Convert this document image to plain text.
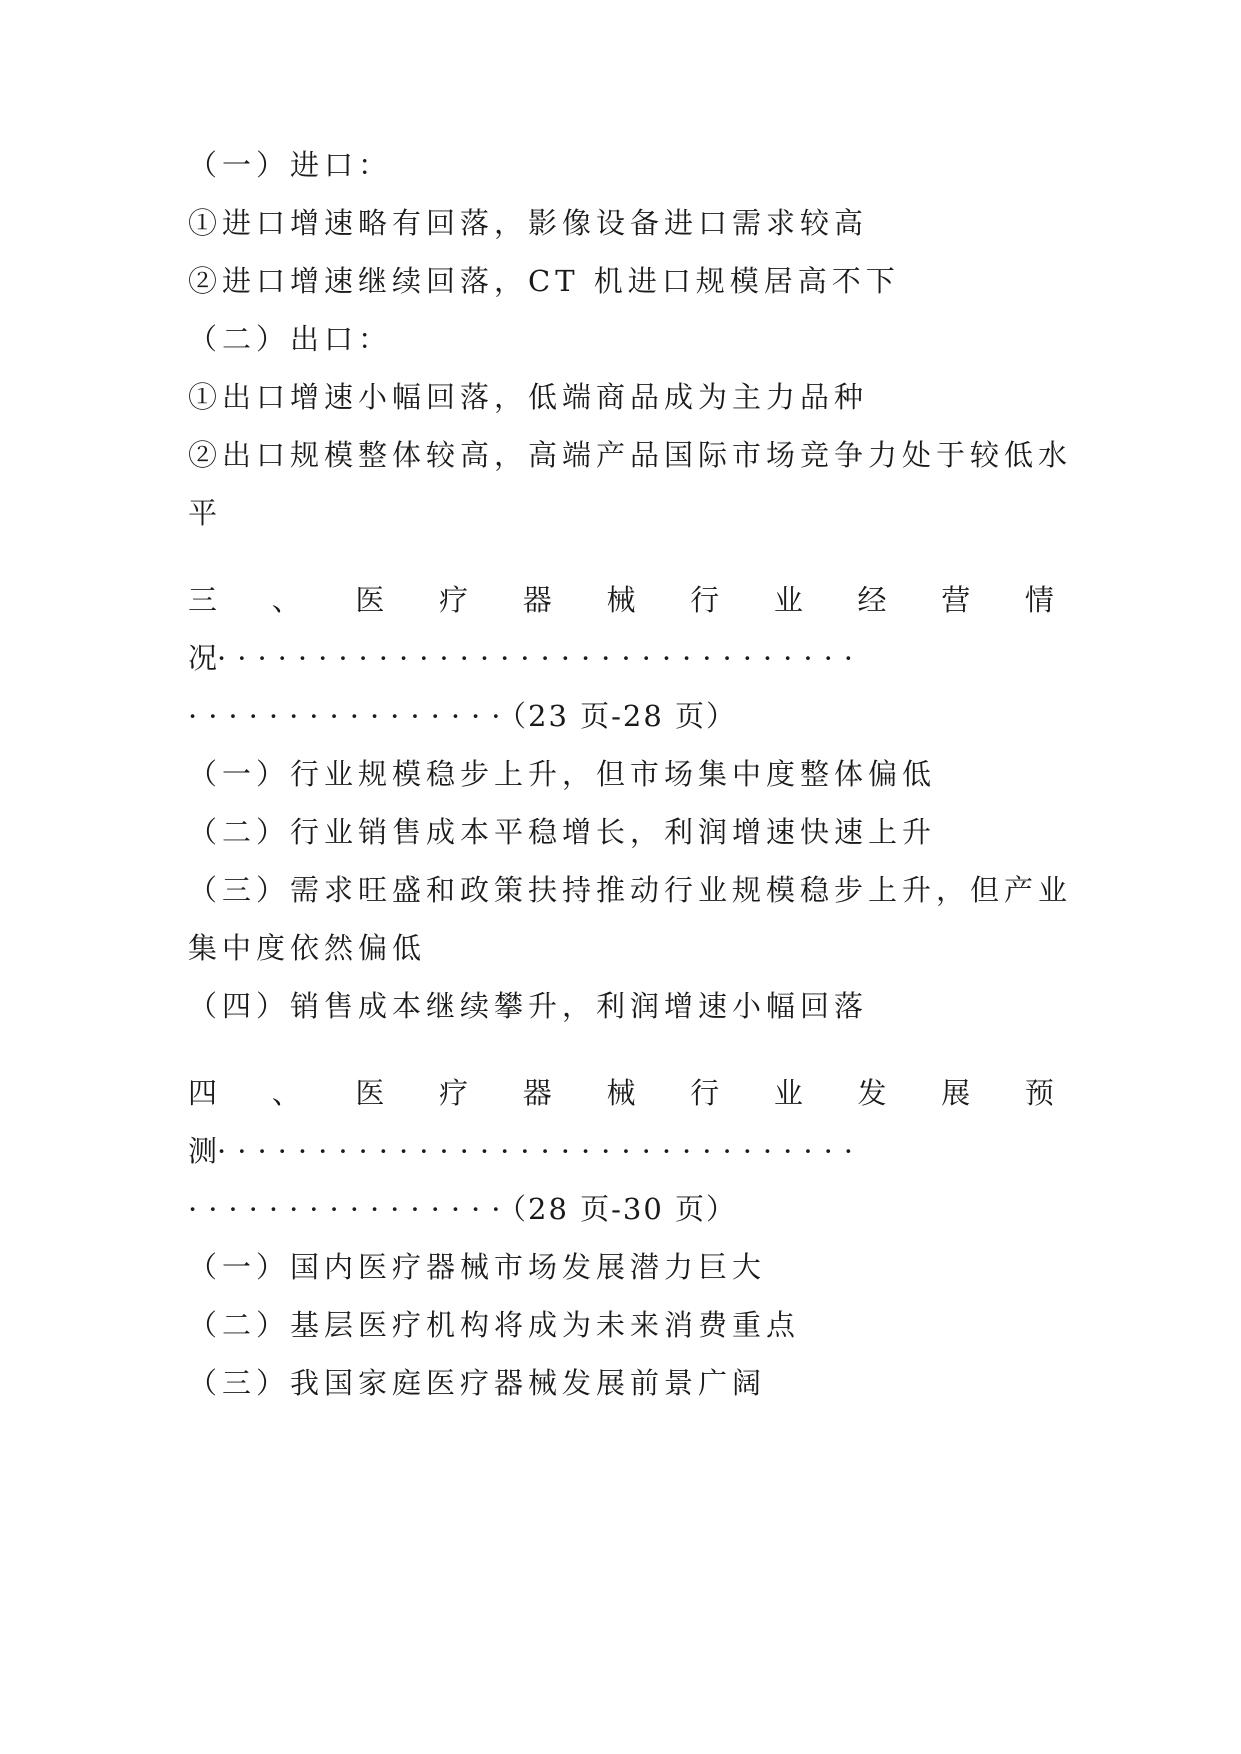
（一）进口：
①进口增速略有回落，影像设备进口需求较高
②进口增速继续回落，CT 机进口规模居高不下
（二）出口：
①出口增速小幅回落，低端商品成为主力品种
②出口规模整体较高，高端产品国际市场竞争力处于较低水
平
三 、 医 疗 器 械 行 业 经 营 情
况································
················（23 页-28 页）
（一）行业规模稳步上升，但市场集中度整体偏低
（二）行业销售成本平稳增长，利润增速快速上升
（三）需求旺盛和政策扶持推动行业规模稳步上升，但产业
集中度依然偏低
（四）销售成本继续攀升，利润增速小幅回落
四 、 医 疗 器 械 行 业 发 展 预
测································
················（28 页-30 页）
（一）国内医疗器械市场发展潜力巨大
（二）基层医疗机构将成为未来消费重点
（三）我国家庭医疗器械发展前景广阔
